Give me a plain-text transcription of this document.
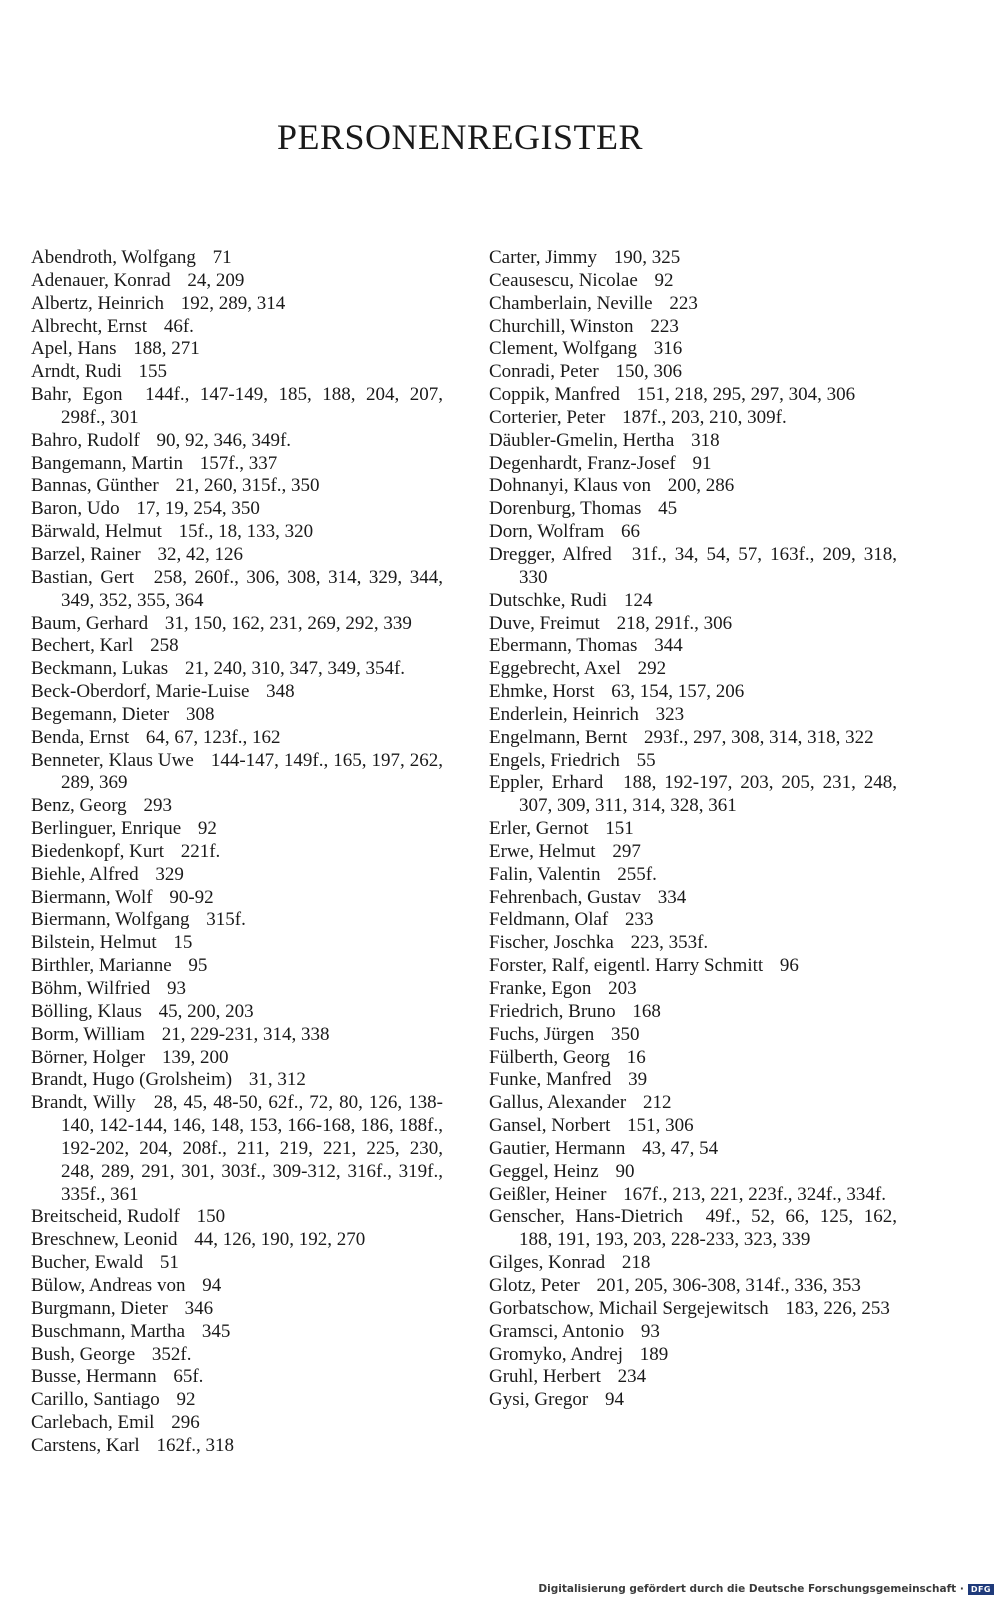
PERSONENREGISTER

Abendroth, Wolfgang 71

Adenauer, Konrad 24, 209

Albertz, Heinrich 192, 289, 314

Albrecht, Ernst 46f.

Apel, Hans 188, 271

Arndt, Rudi 155

Bahr, Egon 144f., 147-149, 185, 188, 204, 207, 298f., 301

Bahro, Rudolf 90, 92, 346, 349f.

Bangemann, Martin 157f., 337

Bannas, Günther 21, 260, 315f., 350

Baron, Udo 17, 19, 254, 350

Bärwald, Helmut 15f., 18, 133, 320

Barzel, Rainer 32, 42, 126

Bastian, Gert 258, 260f., 306, 308, 314, 329, 344, 349, 352, 355, 364

Baum, Gerhard 31, 150, 162, 231, 269, 292, 339

Bechert, Karl 258

Beckmann, Lukas 21, 240, 310, 347, 349, 354f.

Beck-Oberdorf, Marie-Luise 348

Begemann, Dieter 308

Benda, Ernst 64, 67, 123f., 162

Benneter, Klaus Uwe 144-147, 149f., 165, 197, 262, 289, 369

Benz, Georg 293

Berlinguer, Enrique 92

Biedenkopf, Kurt 221f.

Biehle, Alfred 329

Biermann, Wolf 90-92

Biermann, Wolfgang 315f.

Bilstein, Helmut 15

Birthler, Marianne 95

Böhm, Wilfried 93

Bölling, Klaus 45, 200, 203

Borm, William 21, 229-231, 314, 338

Börner, Holger 139, 200

Brandt, Hugo (Grolsheim) 31, 312

Brandt, Willy 28, 45, 48-50, 62f., 72, 80, 126, 138-140, 142-144, 146, 148, 153, 166-168, 186, 188f., 192-202, 204, 208f., 211, 219, 221, 225, 230, 248, 289, 291, 301, 303f., 309-312, 316f., 319f., 335f., 361

Breitscheid, Rudolf 150

Breschnew, Leonid 44, 126, 190, 192, 270

Bucher, Ewald 51

Bülow, Andreas von 94

Burgmann, Dieter 346

Buschmann, Martha 345

Bush, George 352f.

Busse, Hermann 65f.

Carillo, Santiago 92

Carlebach, Emil 296

Carstens, Karl 162f., 318

Carter, Jimmy 190, 325

Ceausescu, Nicolae 92

Chamberlain, Neville 223

Churchill, Winston 223

Clement, Wolfgang 316

Conradi, Peter 150, 306

Coppik, Manfred 151, 218, 295, 297, 304, 306

Corterier, Peter 187f., 203, 210, 309f.

Däubler-Gmelin, Hertha 318

Degenhardt, Franz-Josef 91

Dohnanyi, Klaus von 200, 286

Dorenburg, Thomas 45

Dorn, Wolfram 66

Dregger, Alfred 31f., 34, 54, 57, 163f., 209, 318, 330

Dutschke, Rudi 124

Duve, Freimut 218, 291f., 306

Ebermann, Thomas 344

Eggebrecht, Axel 292

Ehmke, Horst 63, 154, 157, 206

Enderlein, Heinrich 323

Engelmann, Bernt 293f., 297, 308, 314, 318, 322

Engels, Friedrich 55

Eppler, Erhard 188, 192-197, 203, 205, 231, 248, 307, 309, 311, 314, 328, 361

Erler, Gernot 151

Erwe, Helmut 297

Falin, Valentin 255f.

Fehrenbach, Gustav 334

Feldmann, Olaf 233

Fischer, Joschka 223, 353f.

Forster, Ralf, eigentl. Harry Schmitt 96

Franke, Egon 203

Friedrich, Bruno 168

Fuchs, Jürgen 350

Fülberth, Georg 16

Funke, Manfred 39

Gallus, Alexander 212

Gansel, Norbert 151, 306

Gautier, Hermann 43, 47, 54

Geggel, Heinz 90

Geißler, Heiner 167f., 213, 221, 223f., 324f., 334f.

Genscher, Hans-Dietrich 49f., 52, 66, 125, 162, 188, 191, 193, 203, 228-233, 323, 339

Gilges, Konrad 218

Glotz, Peter 201, 205, 306-308, 314f., 336, 353

Gorbatschow, Michail Sergejewitsch 183, 226, 253

Gramsci, Antonio 93

Gromyko, Andrej 189

Gruhl, Herbert 234

Gysi, Gregor 94

Digitalisierung gefördert durch die Deutsche Forschungsgemeinschaft · DFG
